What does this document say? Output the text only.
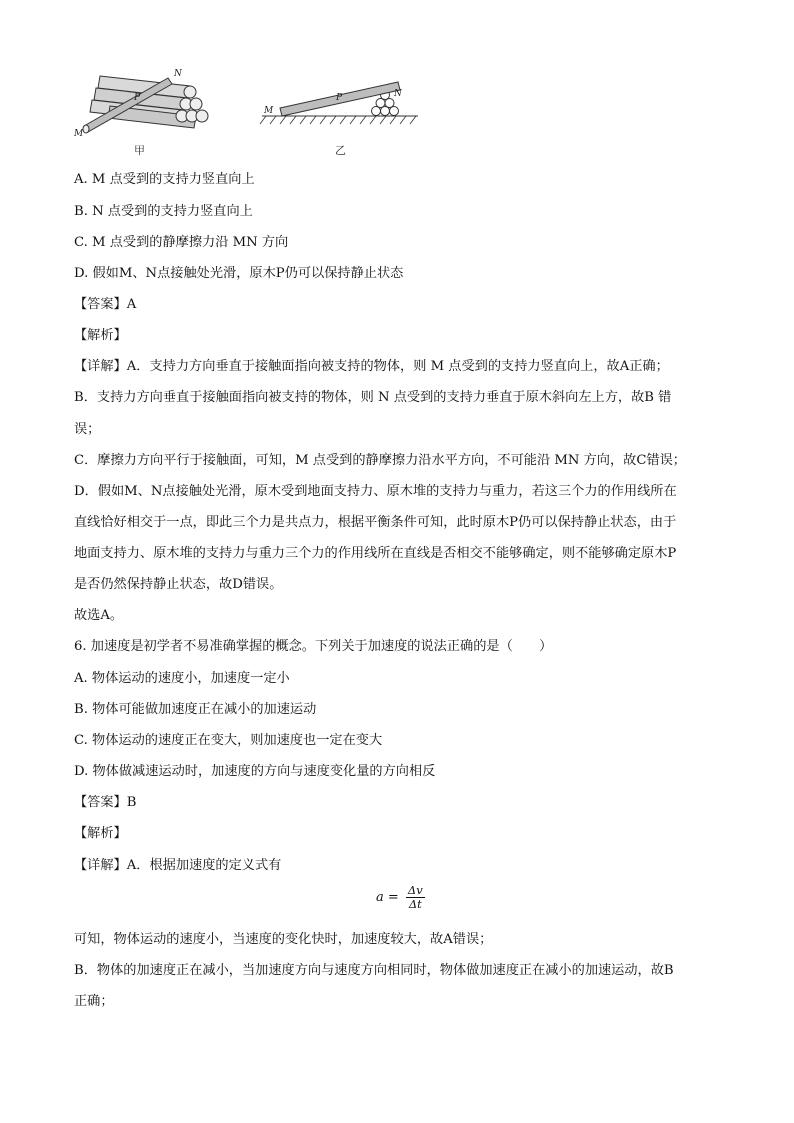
N
P
M
M
P	N
甲	乙
A. M 点受到的支持力竖直向上
B. N 点受到的支持力竖直向上
C. M 点受到的静摩擦力沿 MN 方向
D. 假如M、N点接触处光滑，原木P仍可以保持静止状态
【答案】A
【解析】
【详解】A．支持力方向垂直于接触面指向被支持的物体，则 M 点受到的支持力竖直向上，故A正确；
B．支持力方向垂直于接触面指向被支持的物体，则 N 点受到的支持力垂直于原木斜向左上方，故B 错
误；
C．摩擦力方向平行于接触面，可知，M 点受到的静摩擦力沿水平方向，不可能沿 MN 方向，故C错误；
D．假如M、N点接触处光滑，原木受到地面支持力、原木堆的支持力与重力，若这三个力的作用线所在
直线恰好相交于一点，即此三个力是共点力，根据平衡条件可知，此时原木P仍可以保持静止状态，由于
地面支持力、原木堆的支持力与重力三个力的作用线所在直线是否相交不能够确定，则不能够确定原木P
是否仍然保持静止状态，故D错误。
故选A。
6. 加速度是初学者不易准确掌握的概念。下列关于加速度的说法正确的是（　　）
A. 物体运动的速度小，加速度一定小
B. 物体可能做加速度正在减小的加速运动
C. 物体运动的速度正在变大，则加速度也一定在变大
D. 物体做减速运动时，加速度的方向与速度变化量的方向相反
【答案】B
【解析】
【详解】A．根据加速度的定义式有
$a = \frac{\Delta v}{\Delta t}$
可知，物体运动的速度小，当速度的变化快时，加速度较大，故A错误；
B．物体的加速度正在减小，当加速度方向与速度方向相同时，物体做加速度正在减小的加速运动，故B
正确；
